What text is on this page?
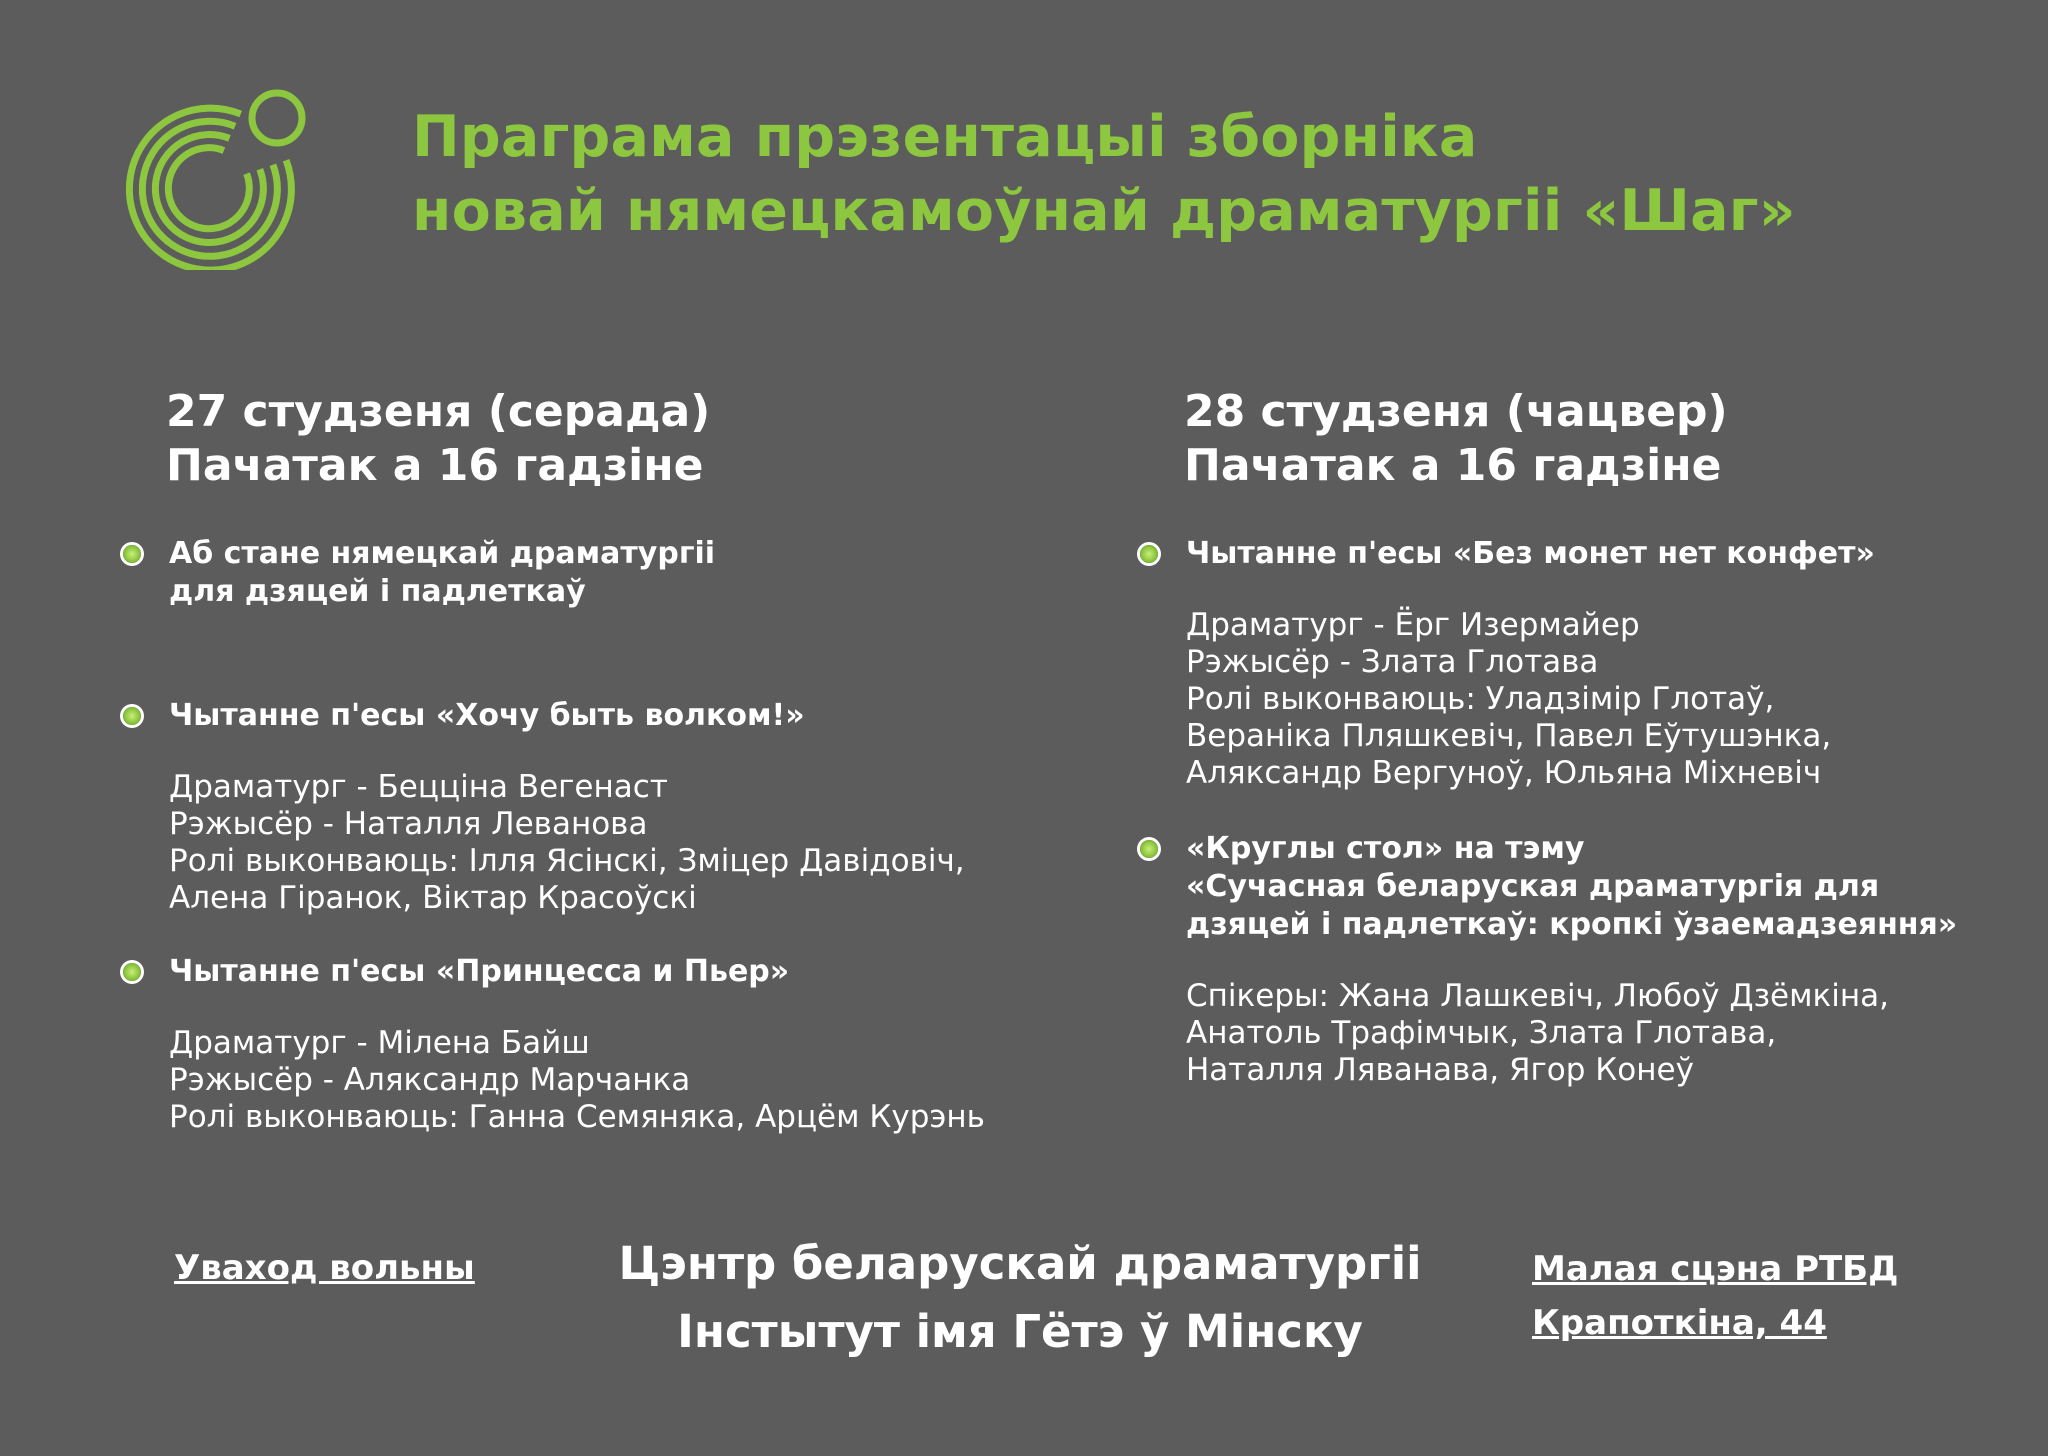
Праграма прэзентацыі зборніка
новай нямецкамоўнай драматургіі «Шаг»
27 студзеня (серада)
Пачатак а 16 гадзіне
Аб стане нямецкай драматургіі
для дзяцей і падлеткаў
Чытанне п'есы «Хочу быть волком!»
Драматург - Бецціна Вегенаст
Рэжысёр - Наталля Леванова
Ролі выконваюць: Ілля Ясінскі, Зміцер Давідовіч,
Алена Гіранок, Віктар Красоўскі
Чытанне п'есы «Принцесса и Пьер»
Драматург - Мілена Байш
Рэжысёр - Аляксандр Марчанка
Ролі выконваюць: Ганна Семяняка, Арцём Курэнь
28 студзеня (чацвер)
Пачатак а 16 гадзіне
Чытанне п'есы «Без монет нет конфет»
Драматург - Ёрг Изермайер
Рэжысёр - Злата Глотава
Ролі выконваюць: Уладзімір Глотаў,
Вераніка Пляшкевіч, Павел Еўтушэнка,
Аляксандр Вергуноў, Юльяна Міхневіч
«Круглы стол» на тэму
«Сучасная беларуская драматургія для
дзяцей і падлеткаў: кропкі ўзаемадзеяння»
Спікеры: Жана Лашкевіч, Любоў Дзёмкіна,
Анатоль Трафімчык, Злата Глотава,
Наталля Ляванава, Ягор Конеў
Уваход вольны	Цэнтр беларускай драматургіі
Інстытут імя Гётэ ў Мінску
Малая сцэна РТБД
Крапоткіна, 44
